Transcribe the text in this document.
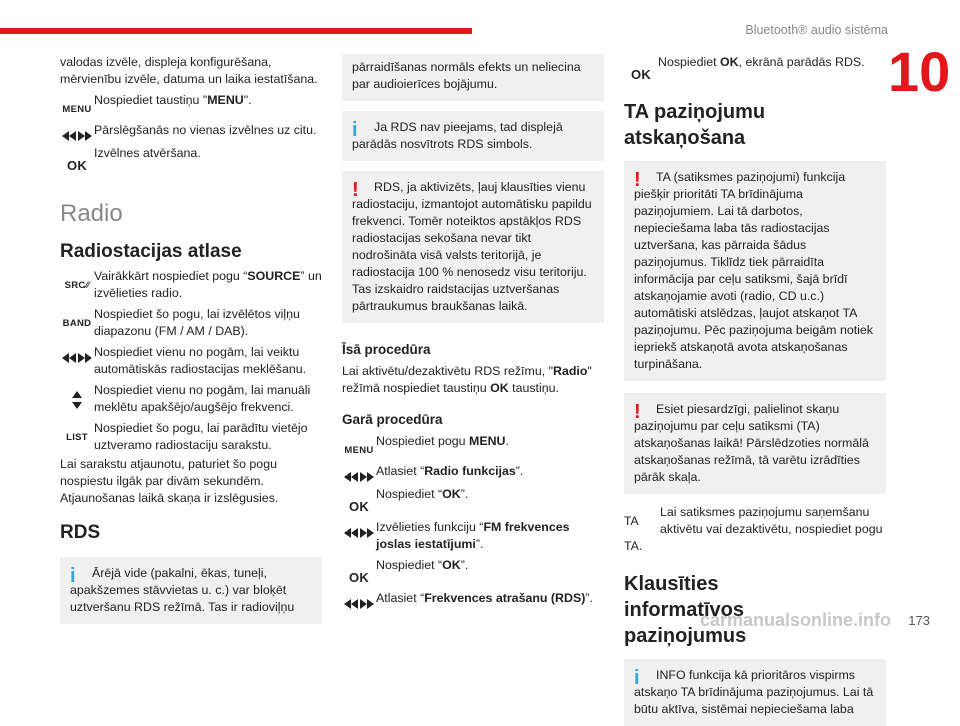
Bluetooth® audio sistēma
10

valodas izvēle, displeja konfigurēšana, mērvienību izvēle, datuma un laika iestatīšana.

MENU
Nospiediet taustiņu "MENU".
Pārslēgšanās no vienas izvēlnes uz citu.
OK
Izvēlnes atvēršana.
Radio
Radiostacijas atlase
SRC∕∕
Vairākkārt nospiediet pogu “SOURCE” un izvēlieties radio.
BAND
Nospiediet šo pogu, lai izvēlētos viļņu diapazonu (FM / AM / DAB).
Nospiediet vienu no pogām, lai veiktu automātiskās radiostacijas meklēšanu.
Nospiediet vienu no pogām, lai manuāli meklētu apakšējo/augšējo frekvenci.
LIST
Nospiediet šo pogu, lai parādītu vietējo uztveramo radiostaciju sarakstu.

Lai sarakstu atjaunotu, paturiet šo pogu nospiestu ilgāk par divām sekundēm. Atjaunošanas laikā skaņa ir izslēgusies.

RDS
i	Ārējā vide (pakalni, ēkas, tuneļi, apakšzemes stāvvietas u. c.) var bloķēt uztveršanu RDS režīmā. Tas ir radioviļņu

pārraidīšanas normāls efekts un neliecina par audioierīces bojājumu.

i	Ja RDS nav pieejams, tad displejā parādās nosvītrots RDS simbols.

!	RDS, ja aktivizēts, ļauj klausīties vienu radiostaciju, izmantojot automātisku papildu frekvenci. Tomēr noteiktos apstākļos RDS radiostacijas sekošana nevar tikt nodrošināta visā valsts teritorijā, je radiostacija 100 % nenosedz visu teritoriju. Tas izskaidro raidstacijas uztveršanas pārtraukumus braukšanas laikā.

Īsā procedūra

Lai aktivētu/dezaktivētu RDS režīmu, "Radio" režīmā nospiediet taustiņu OK taustiņu.

Garā procedūra
MENU
Nospiediet pogu MENU.
Atlasiet “Radio funkcijas”.
OK
Nospiediet “OK”.
Izvēlieties funkciju “FM frekvences joslas iestatījumi”.
OK
Nospiediet “OK”.
Atlasiet “Frekvences atrašanu (RDS)”.
OK
Nospiediet OK, ekrānā parādās RDS.
TA paziņojumu atskaņošana
!	TA (satiksmes paziņojumi) funkcija piešķir prioritāti TA brīdinājuma paziņojumiem. Lai tā darbotos, nepieciešama laba tās radiostacijas uztveršana, kas pārraida šādus paziņojumus. Tiklīdz tiek pārraidīta informācija par ceļu satiksmi, šajā brīdī atskaņojamie avoti (radio, CD u.c.) automātiski atslēdzas, ļaujot atskaņot TA paziņojumu. Pēc paziņojuma beigām notiek iepriekš atskaņotā avota atskaņošanas turpināšana.

!	Esiet piesardzīgi, palielinot skaņu paziņojumu par ceļu satiksmi (TA) atskaņošanas laikā! Pārslēdzoties normālā atskaņošanas režīmā, tā varētu izrādīties pārāk skaļa.

TA

Lai satiksmes paziņojumu saņemšanu aktivētu vai dezaktivētu, nospiediet pogu

TA.

Klausīties informatīvos paziņojumus
i	INFO funkcija kā prioritāros vispirms atskaņo TA brīdinājuma paziņojumus. Lai tā būtu aktīva, sistēmai nepieciešama laba

carmanualsonline.info 173
